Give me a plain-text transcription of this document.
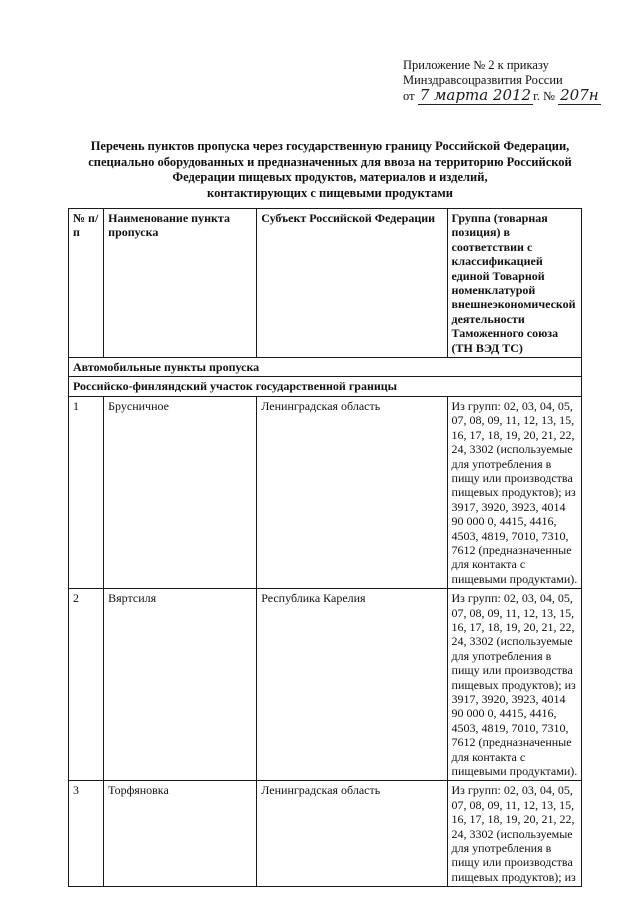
Приложение № 2 к приказу
Минздравсоцразвития России
от 7 марта 2012 г. № 207н
Перечень пунктов пропуска через государственную границу Российской Федерации,
специально оборудованных и предназначенных для ввоза на территорию Российской
Федерации пищевых продуктов, материалов и изделий,
контактирующих с пищевыми продуктами
№ п/п	Наименование пункта пропуска	Субъект Российской Федерации	Группа (товарная позиция) в соответствии с классификацией единой Товарной номенклатурой внешнеэкономической деятельности Таможенного союза (ТН ВЭД ТС)
Автомобильные пункты пропуска			
Российско-финляндский участок государственной границы			
1	Брусничное	Ленинградская область	Из групп: 02, 03, 04, 05, 07, 08, 09, 11, 12, 13, 15, 16, 17, 18, 19, 20, 21, 22, 24, 3302 (используемые для употребления в пищу или производства пищевых продуктов); из 3917, 3920, 3923, 4014 90 000 0, 4415, 4416, 4503, 4819, 7010, 7310, 7612 (предназначенные для контакта с пищевыми продуктами).
2	Вяртсиля	Республика Карелия	Из групп: 02, 03, 04, 05, 07, 08, 09, 11, 12, 13, 15, 16, 17, 18, 19, 20, 21, 22, 24, 3302 (используемые для употребления в пищу или производства пищевых продуктов); из 3917, 3920, 3923, 4014 90 000 0, 4415, 4416, 4503, 4819, 7010, 7310, 7612 (предназначенные для контакта с пищевыми продуктами).
3	Торфяновка	Ленинградская область	Из групп: 02, 03, 04, 05, 07, 08, 09, 11, 12, 13, 15, 16, 17, 18, 19, 20, 21, 22, 24, 3302 (используемые для употребления в пищу или производства пищевых продуктов); из
